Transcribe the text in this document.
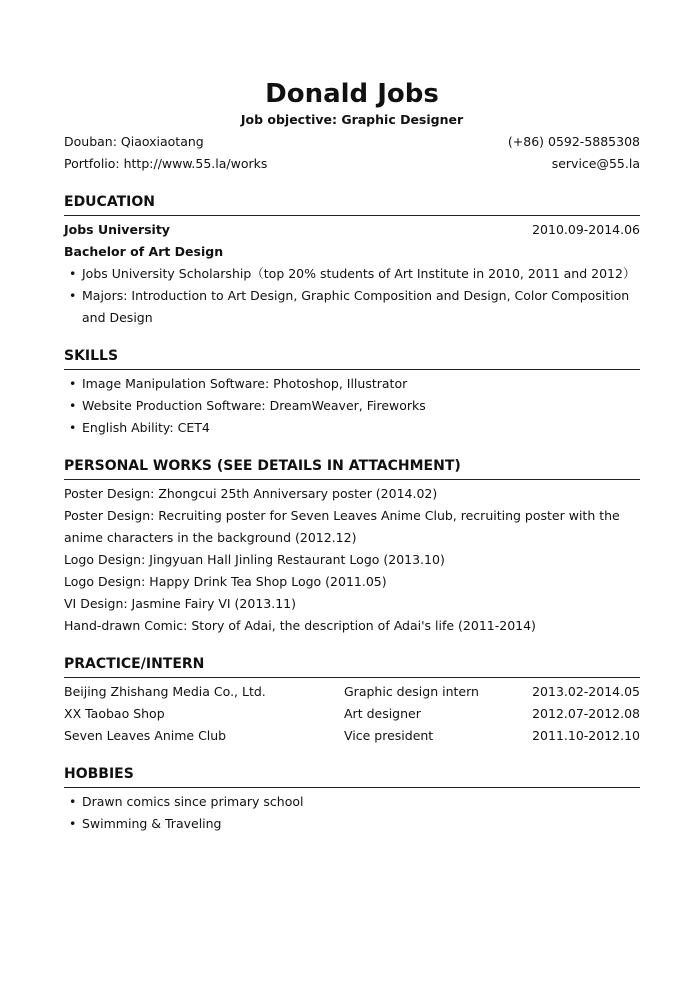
Donald Jobs
Job objective: Graphic Designer
Douban: Qiaoxiaotang	(+86) 0592-5885308
Portfolio: http://www.55.la/works	service@55.la
EDUCATION
Jobs University	2010.09-2014.06
Bachelor of Art Design
• Jobs University Scholarship（top 20% students of Art Institute in 2010, 2011 and 2012）
• Majors: Introduction to Art Design, Graphic Composition and Design, Color Composition and Design
SKILLS
• Image Manipulation Software: Photoshop, Illustrator
• Website Production Software: DreamWeaver, Fireworks
• English Ability: CET4
PERSONAL WORKS (SEE DETAILS IN ATTACHMENT)

Poster Design: Zhongcui 25th Anniversary poster (2014.02)

Poster Design: Recruiting poster for Seven Leaves Anime Club, recruiting poster with the anime characters in the background (2012.12)

Logo Design: Jingyuan Hall Jinling Restaurant Logo (2013.10)

Logo Design: Happy Drink Tea Shop Logo (2011.05)

VI Design: Jasmine Fairy VI (2013.11)

Hand-drawn Comic: Story of Adai, the description of Adai's life (2011-2014)

PRACTICE/INTERN
Beijing Zhishang Media Co., Ltd.	Graphic design intern	2013.02-2014.05
XX Taobao Shop	Art designer	2012.07-2012.08
Seven Leaves Anime Club	Vice president	2011.10-2012.10
HOBBIES
• Drawn comics since primary school
• Swimming & Traveling
